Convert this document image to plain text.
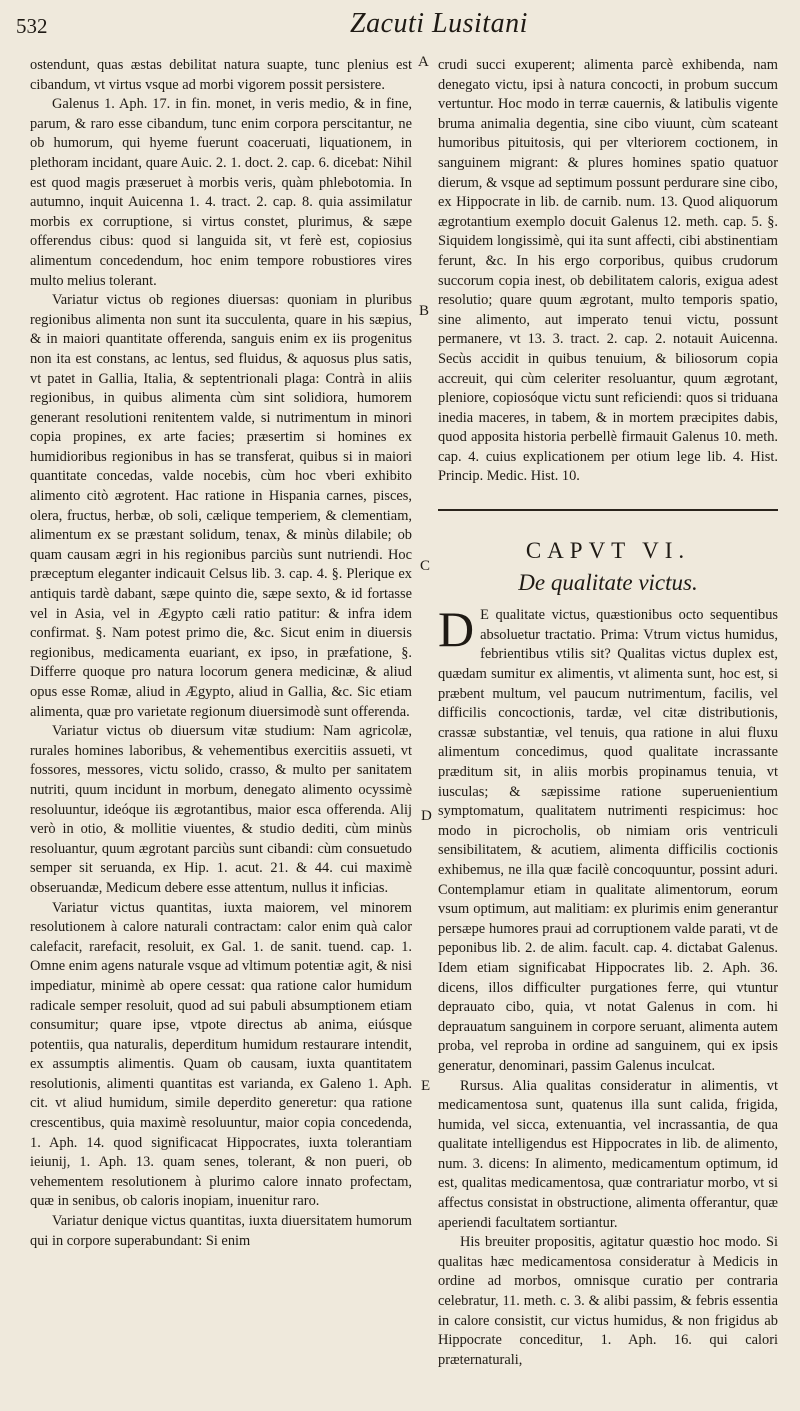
532	Zacuti Lusitani
A
B
C
D
E

ostendunt, quas æstas debilitat natura suapte, tunc plenius est cibandum, vt virtus vsque ad morbi vigorem possit persistere.

Galenus 1. Aph. 17. in fin. monet, in veris medio, & in fine, parum, & raro esse cibandum, tunc enim corpora perscitantur, ne ob humorum, qui hyeme fuerunt coaceruati, liquationem, in plethoram incidant, quare Auic. 2. 1. doct. 2. cap. 6. dicebat: Nihil est quod magis præseruet à morbis veris, quàm phlebotomia. In autumno, inquit Auicenna 1. 4. tract. 2. cap. 8. quia assimilatur morbis ex corruptione, si virtus constet, plurimus, & sæpe offerendus cibus: quod si languida sit, vt ferè est, copiosius alimentum concedendum, hoc enim tempore robustiores vires multo melius tolerant.

Variatur victus ob regiones diuersas: quoniam in pluribus regionibus alimenta non sunt ita succulenta, quare in his sæpius, & in maiori quantitate offerenda, sanguis enim ex iis progenitus non ita est constans, ac lentus, sed fluidus, & aquosus plus satis, vt patet in Gallia, Italia, & septentrionali plaga: Contrà in aliis regionibus, in quibus alimenta cùm sint solidiora, humorem generant resolutioni renitentem valde, si nutrimentum in minori copia propines, ex arte facies; præsertim si homines ex humidioribus regionibus in has se transferat, quibus si in maiori quantitate concedas, valde nocebis, cùm hoc vberi exhibito alimento citò ægrotent. Hac ratione in Hispania carnes, pisces, olera, fructus, herbæ, ob soli, cælique temperiem, & clementiam, alimentum ex se præstant solidum, tenax, & minùs dilabile; ob quam causam ægri in his regionibus parciùs sunt nutriendi. Hoc præceptum eleganter indicauit Celsus lib. 3. cap. 4. §. Plerique ex antiquis tardè dabant, sæpe quinto die, sæpe sexto, & id fortasse vel in Asia, vel in Ægypto cæli ratio patitur: & infra idem confirmat. §. Nam potest primo die, &c. Sicut enim in diuersis regionibus, medicamenta euariant, ex ipso, in præfatione, §. Differre quoque pro natura locorum genera medicinæ, & aliud opus esse Romæ, aliud in Ægypto, aliud in Gallia, &c. Sic etiam alimenta, quæ pro varietate regionum diuersimodè sunt offerenda.

Variatur victus ob diuersum vitæ studium: Nam agricolæ, rurales homines laboribus, & vehementibus exercitiis assueti, vt fossores, messores, victu solido, crasso, & multo per sanitatem nutriti, quum incidunt in morbum, denegato alimento ocyssimè resoluuntur, ideóque iis ægrotantibus, maior esca offerenda. Alij verò in otio, & mollitie viuentes, & studio dediti, cùm minùs resoluantur, quum ægrotant parciùs sunt cibandi: cùm consuetudo semper sit seruanda, ex Hip. 1. acut. 21. & 44. cui maximè obseruandæ, Medicum debere esse attentum, nullus it inficias.

Variatur victus quantitas, iuxta maiorem, vel minorem resolutionem à calore naturali contractam: calor enim quà calor calefacit, rarefacit, resoluit, ex Gal. 1. de sanit. tuend. cap. 1. Omne enim agens naturale vsque ad vltimum potentiæ agit, & nisi impediatur, minimè ab opere cessat: qua ratione calor humidum radicale semper resoluit, quod ad sui pabuli absumptionem etiam consumitur; quare ipse, vtpote directus ab anima, eiúsque potentiis, qua naturalis, deperditum humidum restaurare intendit, ex assumptis alimentis. Quam ob causam, iuxta quantitatem resolutionis, alimenti quantitas est varianda, ex Galeno 1. Aph. cit. vt aliud humidum, simile deperdito generetur: qua ratione crescentibus, quia maximè resoluuntur, maior copia concedenda, 1. Aph. 14. quod significacat Hippocrates, iuxta tolerantiam ieiunij, 1. Aph. 13. quam senes, tolerant, & non pueri, ob vehementem resolutionem à plurimo calore innato profectam, quæ in senibus, ob caloris inopiam, inuenitur raro.

Variatur denique victus quantitas, iuxta diuersitatem humorum qui in corpore superabundant: Si enim

crudi succi exuperent; alimenta parcè exhibenda, nam denegato victu, ipsi à natura concocti, in probum succum vertuntur. Hoc modo in terræ cauernis, & latibulis vigente bruma animalia degentia, sine cibo viuunt, cùm scateant humoribus pituitosis, qui per vlteriorem coctionem, in sanguinem migrant: & plures homines spatio quatuor dierum, & vsque ad septimum possunt perdurare sine cibo, ex Hippocrate in lib. de carnib. num. 13. Quod aliquorum ægrotantium exemplo docuit Galenus 12. meth. cap. 5. §. Siquidem longissimè, qui ita sunt affecti, cibi abstinentiam ferunt, &c. In his ergo corporibus, quibus crudorum succorum copia inest, ob debilitatem caloris, exigua adest resolutio; quare quum ægrotant, multo temporis spatio, sine alimento, aut imperato tenui victu, possunt permanere, vt 13. 3. tract. 2. cap. 2. notauit Auicenna. Secùs accidit in quibus tenuium, & biliosorum copia accreuit, qui cùm celeriter resoluantur, quum ægrotant, pleniore, copiosóque victu sunt reficiendi: quos si triduana inedia maceres, in tabem, & in mortem præcipites dabis, quod apposita historia perbellè firmauit Galenus 10. meth. cap. 4. cuius explicationem per otium lege lib. 4. Hist. Princip. Medic. Hist. 10.

CAPVT VI.
De qualitate victus.

D E qualitate victus, quæstionibus octo sequentibus absoluetur tractatio. Prima: Vtrum victus humidus, febrientibus vtilis sit? Qualitas victus duplex est, quædam sumitur ex alimentis, vt alimenta sunt, hoc est, si præbent multum, vel paucum nutrimentum, facilis, vel difficilis concoctionis, tardæ, vel citæ distributionis, crassæ substantiæ, vel tenuis, qua ratione in alui fluxu alimentum concedimus, quod qualitate incrassante præditum sit, in aliis morbis propinamus tenuia, vt iusculas; & sæpissime ratione superuenientium symptomatum, qualitatem nutrimenti respicimus: hoc modo in picrocholis, ob nimiam oris ventriculi sensibilitatem, & acutiem, alimenta difficilis coctionis exhibemus, ne illa quæ facilè concoquuntur, possint aduri. Contemplamur etiam in qualitate alimentorum, eorum vsum optimum, aut malitiam: ex plurimis enim generantur persæpe humores praui ad corruptionem valde parati, vt de peponibus lib. 2. de alim. facult. cap. 4. dictabat Galenus. Idem etiam significabat Hippocrates lib. 2. Aph. 36. dicens, illos difficulter purgationes ferre, qui vtuntur deprauato cibo, quia, vt notat Galenus in com. hi deprauatum sanguinem in corpore seruant, alimenta autem proba, vel reproba in ordine ad sanguinem, qui ex ipsis generatur, denominari, passim Galenus inculcat.

Rursus. Alia qualitas consideratur in alimentis, vt medicamentosa sunt, quatenus illa sunt calida, frigida, humida, vel sicca, extenuantia, vel incrassantia, de qua qualitate intelligendus est Hippocrates in lib. de alimento, num. 3. dicens: In alimento, medicamentum optimum, id est, qualitas medicamentosa, quæ contrariatur morbo, vt si affectus consistat in obstructione, alimenta offerantur, quæ aperiendi facultatem sortiantur.

His breuiter propositis, agitatur quæstio hoc modo. Si qualitas hæc medicamentosa consideratur à Medicis in ordine ad morbos, omnisque curatio per contraria celebratur, 11. meth. c. 3. & alibi passim, & febris essentia in calore consistit, cur victus humidus, & non frigidus ab Hippocrate conceditur, 1. Aph. 16. qui calori præternaturali,
